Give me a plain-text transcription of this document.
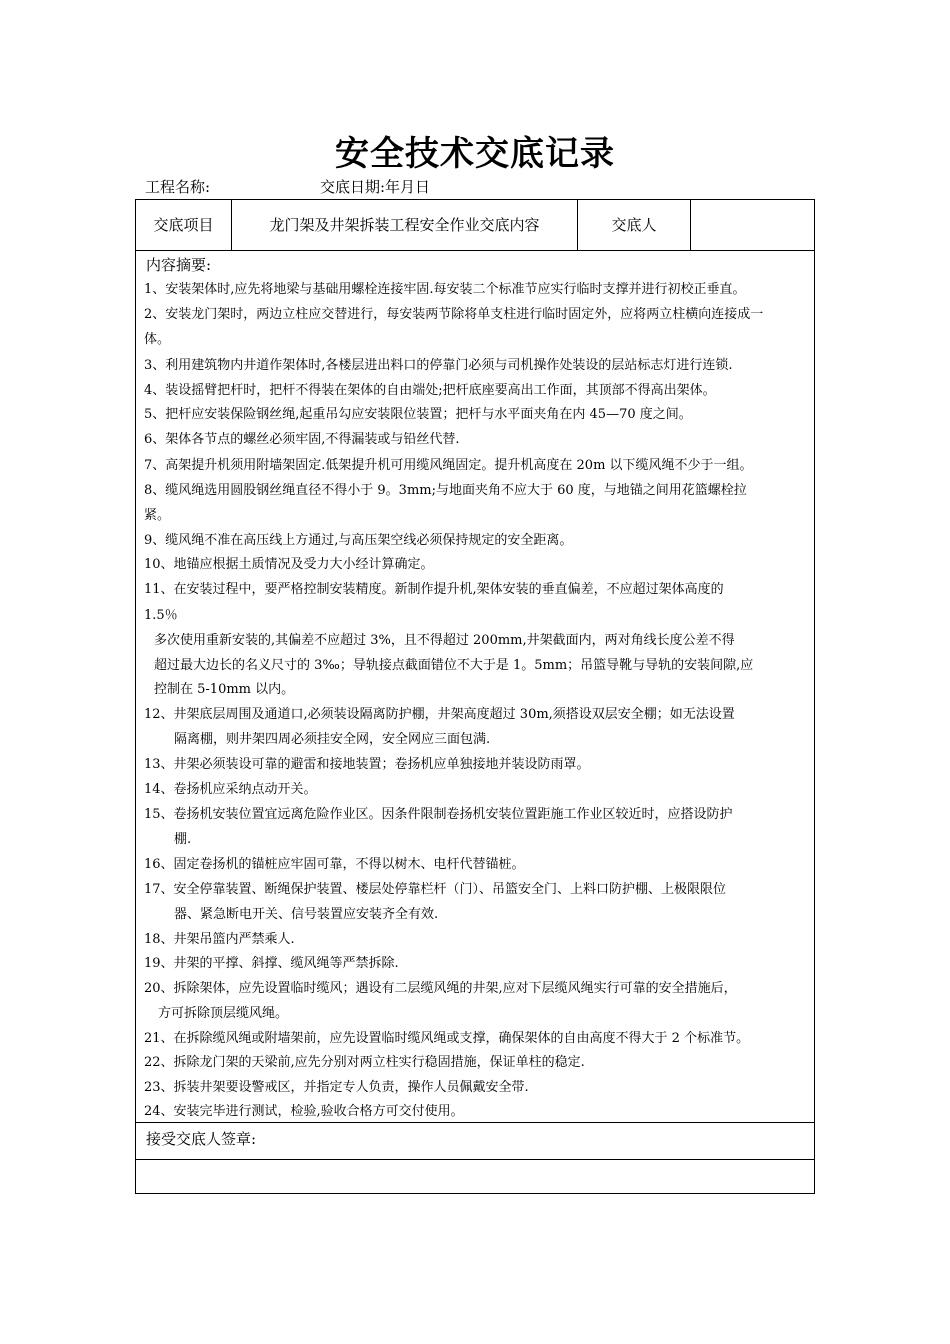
安全技术交底记录
工程名称:	交底日期:年月日
交底项目	龙门架及井架拆装工程安全作业交底内容	交底人
内容摘要:
1、安装架体时,应先将地梁与基础用螺栓连接牢固.每安装二个标准节应实行临时支撑并进行初校正垂直。
2、安装龙门架时，两边立柱应交替进行，每安装两节除将单支柱进行临时固定外，应将两立柱横向连接成一
体。
3、利用建筑物内井道作架体时,各楼层进出料口的停靠门必须与司机操作处装设的层站标志灯进行连锁.
4、装设摇臂把杆时，把杆不得装在架体的自由端处;把杆底座要高出工作面，其顶部不得高出架体。
5、把杆应安装保险钢丝绳,起重吊勾应安装限位装置；把杆与水平面夹角在内 45—70 度之间。
6、架体各节点的螺丝必须牢固,不得漏装或与铅丝代替.
7、高架提升机须用附墙架固定.低架提升机可用缆风绳固定。提升机高度在 20m 以下缆风绳不少于一组。
8、缆风绳选用圆股钢丝绳直径不得小于 9。3mm;与地面夹角不应大于 60 度，与地锚之间用花篮螺栓拉
紧。
9、缆风绳不准在高压线上方通过,与高压架空线必须保持规定的安全距离。
10、地锚应根据土质情况及受力大小经计算确定。
11、在安装过程中，要严格控制安装精度。新制作提升机,架体安装的垂直偏差，不应超过架体高度的
1.5％
多次使用重新安装的,其偏差不应超过 3%，且不得超过 200mm,井架截面内，两对角线长度公差不得
超过最大边长的名义尺寸的 3‰；导轨接点截面错位不大于是 1。5mm；吊篮导靴与导轨的安装间隙,应
控制在 5-10mm 以内。
12、井架底层周围及通道口,必须装设隔离防护棚，井架高度超过 30m,须搭设双层安全棚；如无法设置
隔离棚，则井架四周必须挂安全网，安全网应三面包满.
13、井架必须装设可靠的避雷和接地装置；卷扬机应单独接地并装设防雨罩。
14、卷扬机应采纳点动开关。
15、卷扬机安装位置宜远离危险作业区。因条件限制卷扬机安装位置距施工作业区较近时，应搭设防护
棚.
16、固定卷扬机的锚桩应牢固可靠，不得以树木、电杆代替锚桩。
17、安全停靠装置、断绳保护装置、楼层处停靠栏杆（门）、吊篮安全门、上料口防护棚、上极限限位
器、紧急断电开关、信号装置应安装齐全有效.
18、井架吊篮内严禁乘人.
19、井架的平撑、斜撑、缆风绳等严禁拆除.
20、拆除架体，应先设置临时缆风；遇设有二层缆风绳的井架,应对下层缆风绳实行可靠的安全措施后，
方可拆除顶层缆风绳。
21、在拆除缆风绳或附墙架前，应先设置临时缆风绳或支撑，确保架体的自由高度不得大于 2 个标准节。
22、拆除龙门架的天梁前,应先分别对两立柱实行稳固措施，保证单柱的稳定.
23、拆装井架要设警戒区，并指定专人负责，操作人员佩戴安全带.
24、安装完毕进行测试，检验,验收合格方可交付使用。
接受交底人签章:
